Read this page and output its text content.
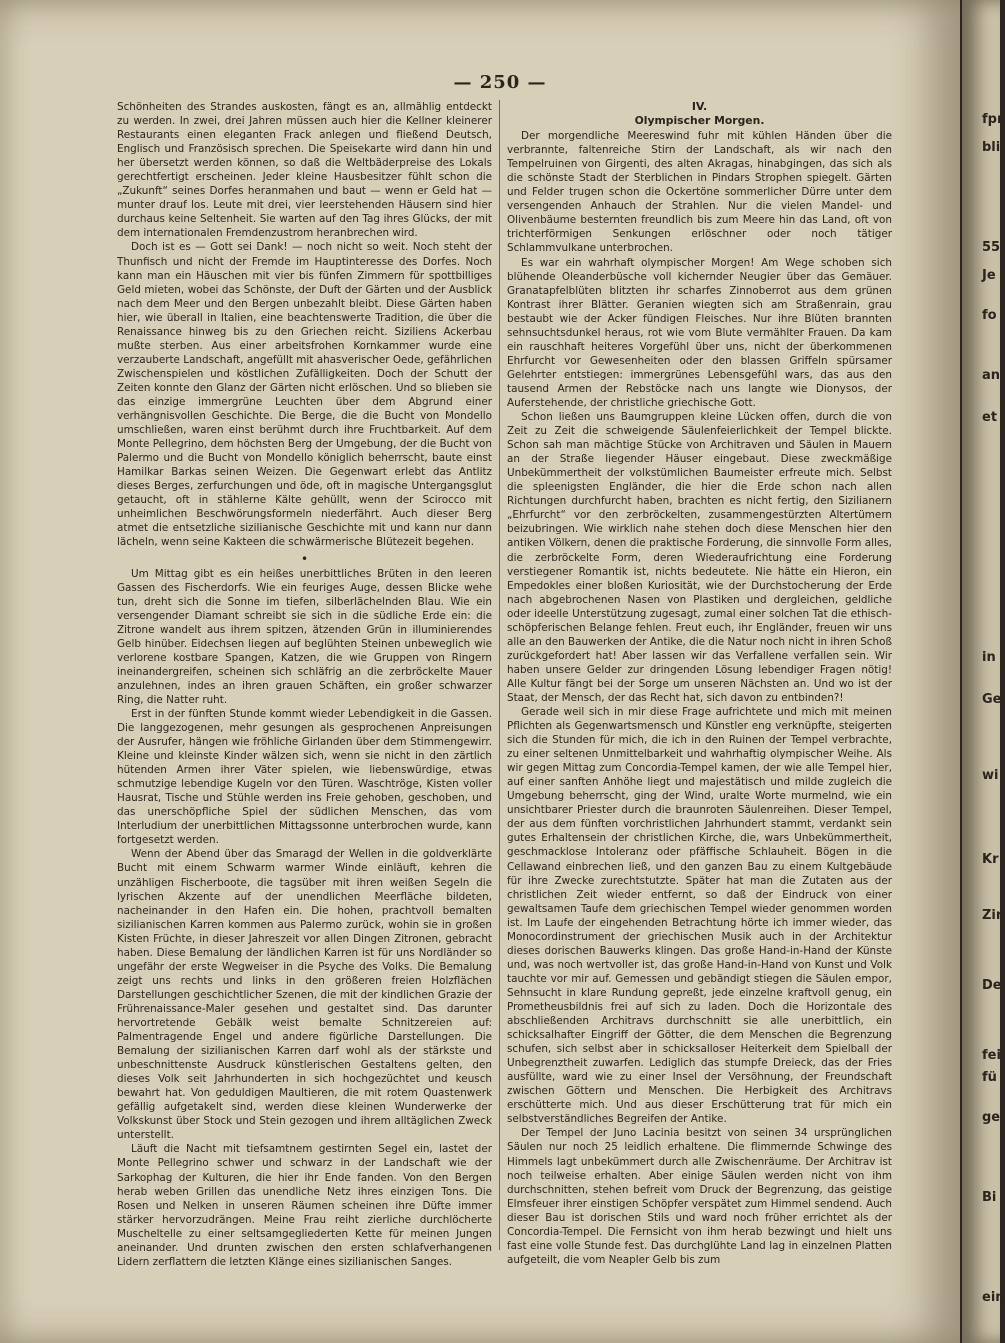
fpr
bli
55,
Je
fo
an
et
in
Ge
wi
Kr
Zin
De
fei
fü
ge
Bi
ein
— 250 —

Schönheiten des Strandes auskosten, fängt es an, allmählig entdeckt zu werden. In zwei, drei Jahren müssen auch hier die Kellner kleinerer Restaurants einen eleganten Frack anlegen und fließend Deutsch, Englisch und Französisch sprechen. Die Speisekarte wird dann hin und her übersetzt werden können, so daß die Weltbäderpreise des Lokals gerechtfertigt erscheinen. Jeder kleine Hausbesitzer fühlt schon die „Zukunft“ seines Dorfes heranmahen und baut — wenn er Geld hat — munter drauf los. Leute mit drei, vier leerstehenden Häusern sind hier durchaus keine Seltenheit. Sie warten auf den Tag ihres Glücks, der mit dem internationalen Fremdenzustrom heranbrechen wird.

Doch ist es — Gott sei Dank! — noch nicht so weit. Noch steht der Thunfisch und nicht der Fremde im Hauptinteresse des Dorfes. Noch kann man ein Häuschen mit vier bis fünfen Zimmern für spottbilliges Geld mieten, wobei das Schönste, der Duft der Gärten und der Ausblick nach dem Meer und den Bergen unbezahlt bleibt. Diese Gärten haben hier, wie überall in Italien, eine beachtenswerte Tradition, die über die Renaissance hinweg bis zu den Griechen reicht. Siziliens Ackerbau mußte sterben. Aus einer arbeitsfrohen Kornkammer wurde eine verzauberte Landschaft, angefüllt mit ahasverischer Oede, gefährlichen Zwischenspielen und köstlichen Zufälligkeiten. Doch der Schutt der Zeiten konnte den Glanz der Gärten nicht erlöschen. Und so blieben sie das einzige immergrüne Leuchten über dem Abgrund einer verhängnisvollen Geschichte. Die Berge, die die Bucht von Mondello umschließen, waren einst berühmt durch ihre Fruchtbarkeit. Auf dem Monte Pellegrino, dem höchsten Berg der Umgebung, der die Bucht von Palermo und die Bucht von Mondello königlich beherrscht, baute einst Hamilkar Barkas seinen Weizen. Die Gegenwart erlebt das Antlitz dieses Berges, zerfurchungen und öde, oft in magische Untergangsglut getaucht, oft in stählerne Kälte gehüllt, wenn der Scirocco mit unheimlichen Beschwörungsformeln niederfährt. Auch dieser Berg atmet die entsetzliche sizilianische Geschichte mit und kann nur dann lächeln, wenn seine Kakteen die schwärmerische Blütezeit begehen.

•

Um Mittag gibt es ein heißes unerbittliches Brüten in den leeren Gassen des Fischerdorfs. Wie ein feuriges Auge, dessen Blicke wehe tun, dreht sich die Sonne im tiefen, silberlächelnden Blau. Wie ein versengender Diamant schreibt sie sich in die südliche Erde ein: die Zitrone wandelt aus ihrem spitzen, ätzenden Grün in illuminierendes Gelb hinüber. Eidechsen liegen auf beglühten Steinen unbeweglich wie verlorene kostbare Spangen, Katzen, die wie Gruppen von Ringern ineinandergreifen, scheinen sich schläfrig an die zerbröckelte Mauer anzulehnen, indes an ihren grauen Schäften, ein großer schwarzer Ring, die Natter ruht.

Erst in der fünften Stunde kommt wieder Lebendigkeit in die Gassen. Die langgezogenen, mehr gesungen als gesprochenen Anpreisungen der Ausrufer, hängen wie fröhliche Girlanden über dem Stimmengewirr. Kleine und kleinste Kinder wälzen sich, wenn sie nicht in den zärtlich hütenden Armen ihrer Väter spielen, wie liebenswürdige, etwas schmutzige lebendige Kugeln vor den Türen. Waschtröge, Kisten voller Hausrat, Tische und Stühle werden ins Freie gehoben, geschoben, und das unerschöpfliche Spiel der südlichen Menschen, das vom Interludium der unerbittlichen Mittagssonne unterbrochen wurde, kann fortgesetzt werden.

Wenn der Abend über das Smaragd der Wellen in die goldverklärte Bucht mit einem Schwarm warmer Winde einläuft, kehren die unzähligen Fischerboote, die tagsüber mit ihren weißen Segeln die lyrischen Akzente auf der unendlichen Meerfläche bildeten, nacheinander in den Hafen ein. Die hohen, prachtvoll bemalten sizilianischen Karren kommen aus Palermo zurück, wohin sie in großen Kisten Früchte, in dieser Jahreszeit vor allen Dingen Zitronen, gebracht haben. Diese Bemalung der ländlichen Karren ist für uns Nordländer so ungefähr der erste Wegweiser in die Psyche des Volks. Die Bemalung zeigt uns rechts und links in den größeren freien Holzflächen Darstellungen geschichtlicher Szenen, die mit der kindlichen Grazie der Frührenaissance-Maler gesehen und gestaltet sind. Das darunter hervortretende Gebälk weist bemalte Schnitzereien auf: Palmentragende Engel und andere figürliche Darstellungen. Die Bemalung der sizilianischen Karren darf wohl als der stärkste und unbeschnittenste Ausdruck künstlerischen Gestaltens gelten, den dieses Volk seit Jahrhunderten in sich hochgezüchtet und keusch bewahrt hat. Von geduldigen Maultieren, die mit rotem Quastenwerk gefällig aufgetakelt sind, werden diese kleinen Wunderwerke der Volkskunst über Stock und Stein gezogen und ihrem alltäglichen Zweck unterstellt.

Läuft die Nacht mit tiefsamtnem gestirnten Segel ein, lastet der Monte Pellegrino schwer und schwarz in der Landschaft wie der Sarkophag der Kulturen, die hier ihr Ende fanden. Von den Bergen herab weben Grillen das unendliche Netz ihres einzigen Tons. Die Rosen und Nelken in unseren Räumen scheinen ihre Düfte immer stärker hervorzudrängen. Meine Frau reiht zierliche durchlöcherte Muscheltelle zu einer seltsamgegliederten Kette für meinen Jungen aneinander. Und drunten zwischen den ersten schlafverhangenen Lidern zerflattern die letzten Klänge eines sizilianischen Sanges.

IV.
Olympischer Morgen.

Der morgendliche Meereswind fuhr mit kühlen Händen über die verbrannte, faltenreiche Stirn der Landschaft, als wir nach den Tempelruinen von Girgenti, des alten Akragas, hinabgingen, das sich als die schönste Stadt der Sterblichen in Pindars Strophen spiegelt. Gärten und Felder trugen schon die Ockertöne sommerlicher Dürre unter dem versengenden Anhauch der Strahlen. Nur die vielen Mandel- und Olivenbäume besternten freundlich bis zum Meere hin das Land, oft von trichterförmigen Senkungen erlöschner oder noch tätiger Schlammvulkane unterbrochen.

Es war ein wahrhaft olympischer Morgen! Am Wege schoben sich blühende Oleanderbüsche voll kichernder Neugier über das Gemäuer. Granatapfelblüten blitzten ihr scharfes Zinnoberrot aus dem grünen Kontrast ihrer Blätter. Geranien wiegten sich am Straßenrain, grau bestaubt wie der Acker fündigen Fleisches. Nur ihre Blüten brannten sehnsuchtsdunkel heraus, rot wie vom Blute vermählter Frauen. Da kam ein rauschhaft heiteres Vorgefühl über uns, nicht der überkommenen Ehrfurcht vor Gewesenheiten oder den blassen Griffeln spürsamer Gelehrter entstiegen: immergrünes Lebensgefühl wars, das aus den tausend Armen der Rebstöcke nach uns langte wie Dionysos, der Auferstehende, der christliche griechische Gott.

Schon ließen uns Baumgruppen kleine Lücken offen, durch die von Zeit zu Zeit die schweigende Säulenfeierlichkeit der Tempel blickte. Schon sah man mächtige Stücke von Architraven und Säulen in Mauern an der Straße liegender Häuser eingebaut. Diese zweckmäßige Unbekümmertheit der volkstümlichen Baumeister erfreute mich. Selbst die spleenigsten Engländer, die hier die Erde schon nach allen Richtungen durchfurcht haben, brachten es nicht fertig, den Sizilianern „Ehrfurcht“ vor den zerbröckelten, zusammengestürzten Altertümern beizubringen. Wie wirklich nahe stehen doch diese Menschen hier den antiken Völkern, denen die praktische Forderung, die sinnvolle Form alles, die zerbröckelte Form, deren Wiederaufrichtung eine Forderung verstiegener Romantik ist, nichts bedeutete. Nie hätte ein Hieron, ein Empedokles einer bloßen Kuriosität, wie der Durchstocherung der Erde nach abgebrochenen Nasen von Plastiken und dergleichen, geldliche oder ideelle Unterstützung zugesagt, zumal einer solchen Tat die ethisch-schöpferischen Belange fehlen. Freut euch, ihr Engländer, freuen wir uns alle an den Bauwerken der Antike, die die Natur noch nicht in ihren Schoß zurückgefordert hat! Aber lassen wir das Verfallene verfallen sein. Wir haben unsere Gelder zur dringenden Lösung lebendiger Fragen nötig! Alle Kultur fängt bei der Sorge um unseren Nächsten an. Und wo ist der Staat, der Mensch, der das Recht hat, sich davon zu entbinden?!

Gerade weil sich in mir diese Frage aufrichtete und mich mit meinen Pflichten als Gegenwartsmensch und Künstler eng verknüpfte, steigerten sich die Stunden für mich, die ich in den Ruinen der Tempel verbrachte, zu einer seltenen Unmittelbarkeit und wahrhaftig olympischer Weihe. Als wir gegen Mittag zum Concordia-Tempel kamen, der wie alle Tempel hier, auf einer sanften Anhöhe liegt und majestätisch und milde zugleich die Umgebung beherrscht, ging der Wind, uralte Worte murmelnd, wie ein unsichtbarer Priester durch die braunroten Säulenreihen. Dieser Tempel, der aus dem fünften vorchristlichen Jahrhundert stammt, verdankt sein gutes Erhaltensein der christlichen Kirche, die, wars Unbekümmertheit, geschmacklose Intoleranz oder pfäffische Schlauheit. Bögen in die Cellawand einbrechen ließ, und den ganzen Bau zu einem Kultgebäude für ihre Zwecke zurechtstutzte. Später hat man die Zutaten aus der christlichen Zeit wieder entfernt, so daß der Eindruck von einer gewaltsamen Taufe dem griechischen Tempel wieder genommen worden ist. Im Laufe der eingehenden Betrachtung hörte ich immer wieder, das Monocordinstrument der griechischen Musik auch in der Architektur dieses dorischen Bauwerks klingen. Das große Hand-in-Hand der Künste und, was noch wertvoller ist, das große Hand-in-Hand von Kunst und Volk tauchte vor mir auf. Gemessen und gebändigt stiegen die Säulen empor, Sehnsucht in klare Rundung gepreßt, jede einzelne kraftvoll genug, ein Prometheusbildnis frei auf sich zu laden. Doch die Horizontale des abschließenden Architravs durchschnitt sie alle unerbittlich, ein schicksalhafter Eingriff der Götter, die dem Menschen die Begrenzung schufen, sich selbst aber in schicksalloser Heiterkeit dem Spielball der Unbegrenztheit zuwarfen. Lediglich das stumpfe Dreieck, das der Fries ausfüllte, ward wie zu einer Insel der Versöhnung, der Freundschaft zwischen Göttern und Menschen. Die Herbigkeit des Architravs erschütterte mich. Und aus dieser Erschütterung trat für mich ein selbstverständliches Begreifen der Antike.

Der Tempel der Juno Lacinia besitzt von seinen 34 ursprünglichen Säulen nur noch 25 leidlich erhaltene. Die flimmernde Schwinge des Himmels lagt unbekümmert durch alle Zwischenräume. Der Architrav ist noch teilweise erhalten. Aber einige Säulen werden nicht von ihm durchschnitten, stehen befreit vom Druck der Begrenzung, das geistige Elmsfeuer ihrer einstigen Schöpfer verspätet zum Himmel sendend. Auch dieser Bau ist dorischen Stils und ward noch früher errichtet als der Concordia-Tempel. Die Fernsicht von ihm herab bezwingt und hielt uns fast eine volle Stunde fest. Das durchglühte Land lag in einzelnen Platten aufgeteilt, die vom Neapler Gelb bis zum
